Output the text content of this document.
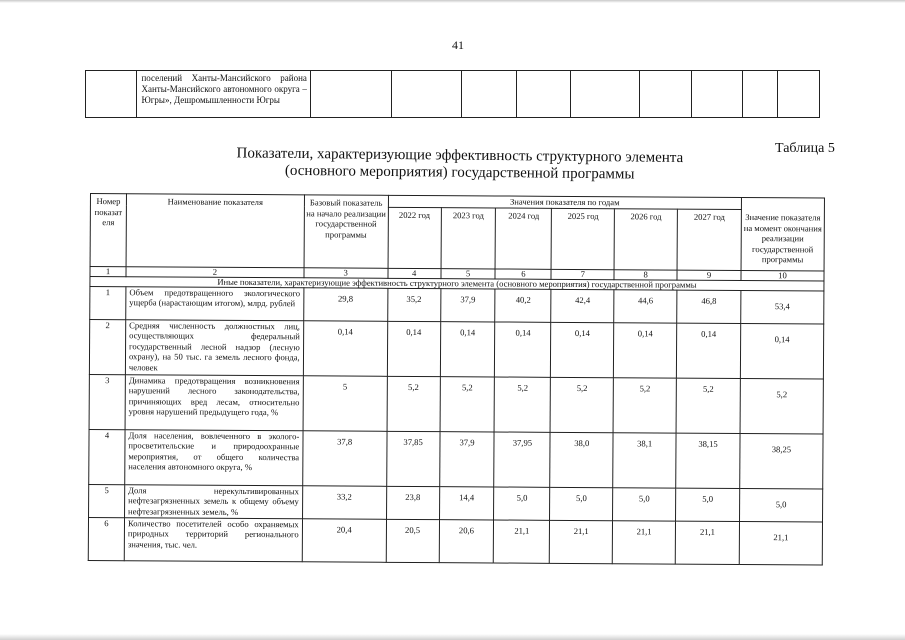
41
	поселений Ханты-Мансийского района Ханты-Мансийского автономного округа – Югры», Дешромышленности Югры									
Таблица 5
Показатели, характеризующие эффективность структурного элемента (основного мероприятия) государственной программы
Номер показат еля	Наименование показателя	Базовый показатель на начало реализации государственной программы	Значения показателя по годам						Значение показателя на момент окончания реализации государственной программы
			2022 год	2023 год	2024 год	2025 год	2026 год	2027 год	
1	2	3	4	5	6	7	8	9	10
Иные показатели, характеризующие эффективность структурного элемента (основного мероприятия) государственной программы									
1	Объем предотвращенного экологического ущерба (нарастающим итогом), млрд. рублей	29,8	35,2	37,9	40,2	42,4	44,6	46,8	53,4
2	Средняя численность должностных лиц, осуществляющих федеральный государственный лесной надзор (лесную охрану), на 50 тыс. га земель лесного фонда, человек	0,14	0,14	0,14	0,14	0,14	0,14	0,14	0,14
3	Динамика предотвращения возникновения нарушений лесного законодательства, причиняющих вред лесам, относительно уровня нарушений предыдущего года, %	5	5,2	5,2	5,2	5,2	5,2	5,2	5,2
4	Доля населения, вовлеченного в эколого-просветительские и природоохранные мероприятия, от общего количества населения автономного округа, %	37,8	37,85	37,9	37,95	38,0	38,1	38,15	38,25
5	Доля нерекультивированных нефтезагрязненных земель к общему объему нефтезагрязненных земель, %	33,2	23,8	14,4	5,0	5,0	5,0	5,0	5,0
6	Количество посетителей особо охраняемых природных территорий регионального значения, тыс. чел.	20,4	20,5	20,6	21,1	21,1	21,1	21,1	21,1
